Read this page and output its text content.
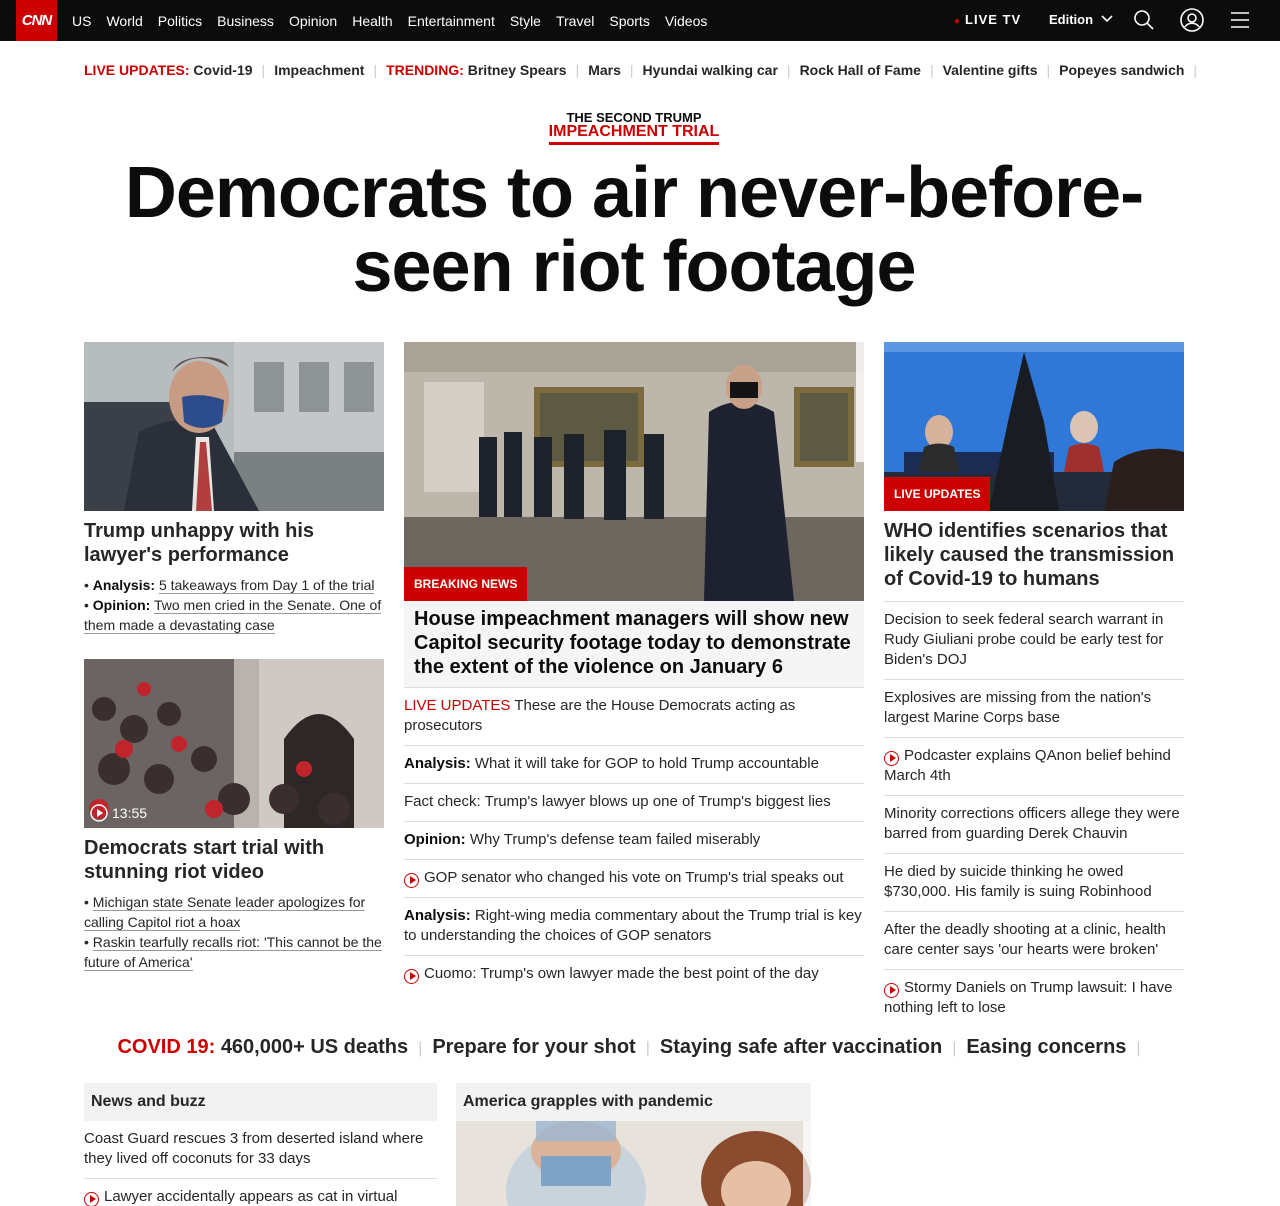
CNN	US World Politics Business Opinion Health Entertainment Style Travel Sports Videos	● LIVE TV Edition
LIVE UPDATES:
Covid-19 | Impeachment | TRENDING:
Britney Spears | Mars | Hyundai walking car | Rock Hall of Fame | Valentine gifts | Popeyes sandwich |
THE SECOND TRUMP
IMPEACHMENT TRIAL
Democrats to air never-before-seen riot footage
Trump unhappy with his lawyer's performance
• Analysis: 5 takeaways from Day 1 of the trial
• Opinion: Two men cried in the Senate. One of them made a devastating case
13:55
Democrats start trial with stunning riot video
• Michigan state Senate leader apologizes for calling Capitol riot a hoax
• Raskin tearfully recalls riot: 'This cannot be the future of America'
BREAKING NEWS
House impeachment managers will show new Capitol security footage today to demonstrate the extent of the violence on January 6
LIVE UPDATES These are the House Democrats acting as prosecutors
Analysis: What it will take for GOP to hold Trump accountable
Fact check: Trump's lawyer blows up one of Trump's biggest lies
Opinion: Why Trump's defense team failed miserably
GOP senator who changed his vote on Trump's trial speaks out
Analysis: Right-wing media commentary about the Trump trial is key to understanding the choices of GOP senators
Cuomo: Trump's own lawyer made the best point of the day
LIVE UPDATES
WHO identifies scenarios that likely caused the transmission of Covid-19 to humans
Decision to seek federal search warrant in Rudy Giuliani probe could be early test for Biden's DOJ
Explosives are missing from the nation's largest Marine Corps base
Podcaster explains QAnon belief behind March 4th
Minority corrections officers allege they were barred from guarding Derek Chauvin
He died by suicide thinking he owed $730,000. His family is suing Robinhood
After the deadly shooting at a clinic, health care center says 'our hearts were broken'
Stormy Daniels on Trump lawsuit: I have nothing left to lose
COVID 19: 460,000+ US deaths | Prepare for your shot | Staying safe after vaccination | Easing concerns |
News and buzz
Coast Guard rescues 3 from deserted island where they lived off coconuts for 33 days
Lawyer accidentally appears as cat in virtual
America grapples with pandemic
